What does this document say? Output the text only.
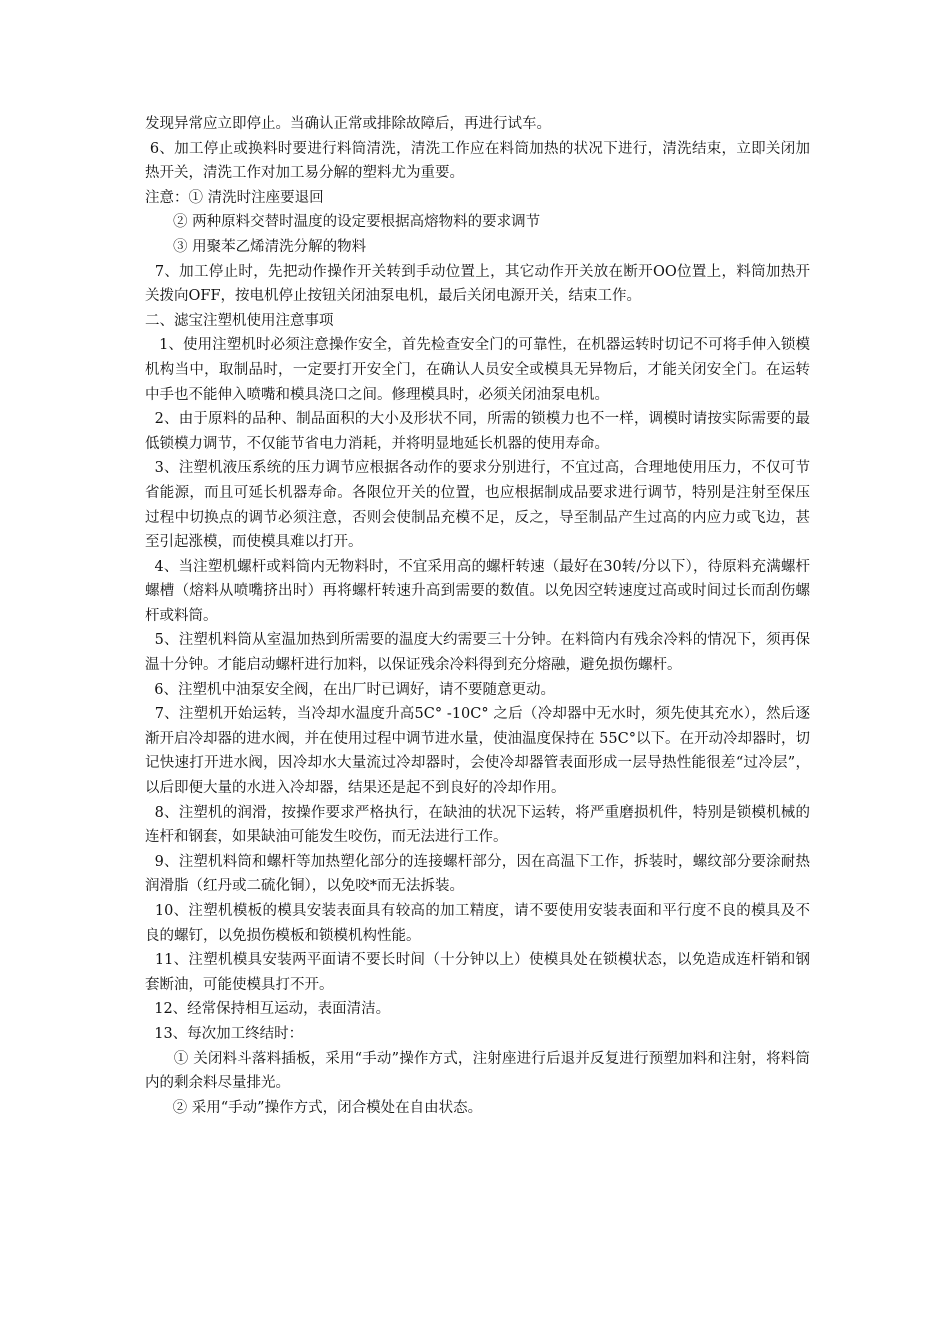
发现异常应立即停止。当确认正常或排除故障后，再进行试车。

6、加工停止或换料时要进行料筒清洗，清洗工作应在料筒加热的状况下进行，清洗结束，立即关闭加热开关，清洗工作对加工易分解的塑料尤为重要。

注意：① 清洗时注座要退回

② 两种原料交替时温度的设定要根据高熔物料的要求调节

③ 用聚苯乙烯清洗分解的物料

7、加工停止时，先把动作操作开关转到手动位置上，其它动作开关放在断开OO位置上，料筒加热开关拨向OFF，按电机停止按钮关闭油泵电机，最后关闭电源开关，结束工作。

二、滤宝注塑机使用注意事项

1、使用注塑机时必须注意操作安全，首先检查安全门的可靠性，在机器运转时切记不可将手伸入锁模机构当中，取制品时，一定要打开安全门，在确认人员安全或模具无异物后，才能关闭安全门。在运转中手也不能伸入喷嘴和模具浇口之间。修理模具时，必须关闭油泵电机。

2、由于原料的品种、制品面积的大小及形状不同，所需的锁模力也不一样，调模时请按实际需要的最低锁模力调节，不仅能节省电力消耗，并将明显地延长机器的使用寿命。

3、注塑机液压系统的压力调节应根据各动作的要求分别进行，不宜过高，合理地使用压力，不仅可节省能源，而且可延长机器寿命。各限位开关的位置，也应根据制成品要求进行调节，特别是注射至保压过程中切换点的调节必须注意，否则会使制品充模不足，反之，导至制品产生过高的内应力或飞边，甚至引起涨模，而使模具难以打开。

4、当注塑机螺杆或料筒内无物料时，不宜采用高的螺杆转速（最好在30转/分以下），待原料充满螺杆螺槽（熔料从喷嘴挤出时）再将螺杆转速升高到需要的数值。以免因空转速度过高或时间过长而刮伤螺杆或料筒。

5、注塑机料筒从室温加热到所需要的温度大约需要三十分钟。在料筒内有残余冷料的情况下，须再保温十分钟。才能启动螺杆进行加料，以保证残余冷料得到充分熔融，避免损伤螺杆。

6、注塑机中油泵安全阀，在出厂时已调好，请不要随意更动。

7、注塑机开始运转，当冷却水温度升高5C° -10C° 之后（冷却器中无水时，须先使其充水），然后逐渐开启冷却器的进水阀，并在使用过程中调节进水量，使油温度保持在 55C°以下。在开动冷却器时，切记快速打开进水阀，因冷却水大量流过冷却器时，会使冷却器管表面形成一层导热性能很差“过冷层”，以后即便大量的水进入冷却器，结果还是起不到良好的冷却作用。

8、注塑机的润滑，按操作要求严格执行，在缺油的状况下运转，将严重磨损机件，特别是锁模机械的连杆和钢套，如果缺油可能发生咬伤，而无法进行工作。

9、注塑机料筒和螺杆等加热塑化部分的连接螺杆部分，因在高温下工作，拆装时，螺纹部分要涂耐热润滑脂（红丹或二硫化铜），以免咬*而无法拆装。

10、注塑机模板的模具安装表面具有较高的加工精度，请不要使用安装表面和平行度不良的模具及不良的螺钉，以免损伤模板和锁模机构性能。

11、注塑机模具安装两平面请不要长时间（十分钟以上）使模具处在锁模状态，以免造成连杆销和钢套断油，可能使模具打不开。

12、经常保持相互运动，表面清洁。

13、每次加工终结时：

① 关闭料斗落料插板，采用“手动”操作方式，注射座进行后退并反复进行预塑加料和注射，将料筒内的剩余料尽量排光。

② 采用“手动”操作方式，闭合模处在自由状态。
